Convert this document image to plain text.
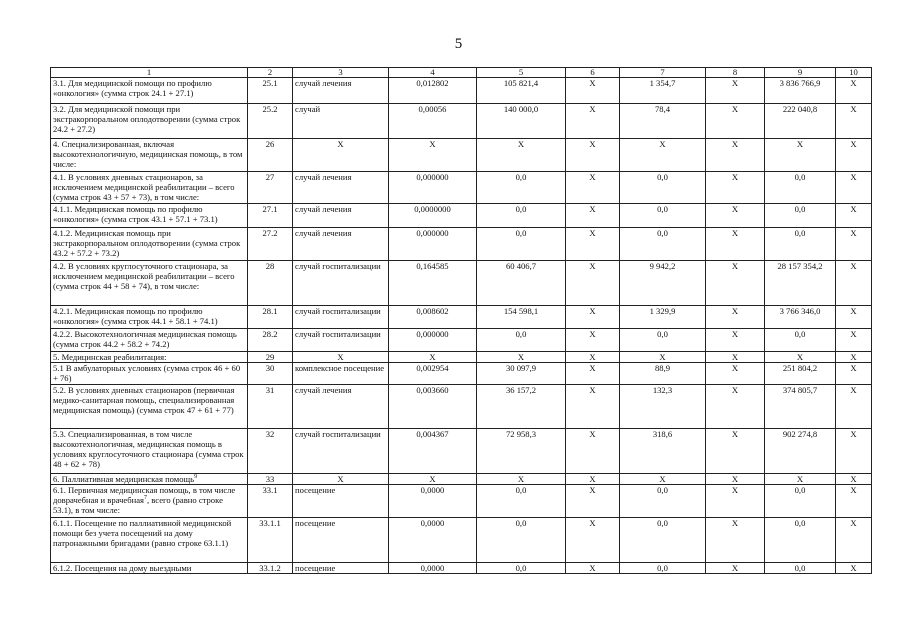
5
1	2	3	4	5	6	7	8	9	10
3.1. Для медицинской помощи по профилю «онкология» (сумма строк 24.1 + 27.1)	25.1	случай лечения	0,012802	105 821,4	X	1 354,7	X	3 836 766,9	X
3.2. Для медицинской помощи при экстракорпоральном оплодотворении (сумма строк 24.2 + 27.2)	25.2	случай	0,00056	140 000,0	X	78,4	X	222 040,8	X
4. Специализированная, включая высокотехнологичную, медицинская помощь, в том числе:	26	X	X	X	X	X	X	X	X
4.1. В условиях дневных стационаров, за исключением медицинской реабилитации – всего (сумма строк 43 + 57 + 73), в том числе:	27	случай лечения	0,000000	0,0	X	0,0	X	0,0	X
4.1.1. Медицинская помощь по профилю «онкология» (сумма строк 43.1 + 57.1 + 73.1)	27.1	случай лечения	0,0000000	0,0	X	0,0	X	0,0	X
4.1.2. Медицинская помощь при экстракорпоральном оплодотворении (сумма строк 43.2 + 57.2 + 73.2)	27.2	случай лечения	0,000000	0,0	X	0,0	X	0,0	X
4.2. В условиях круглосуточного стационара, за исключением медицинской реабилитации – всего (сумма строк 44 + 58 + 74), в том числе:	28	случай госпитализации	0,164585	60 406,7	X	9 942,2	X	28 157 354,2	X
4.2.1. Медицинская помощь по профилю «онкология» (сумма строк 44.1 + 58.1 + 74.1)	28.1	случай госпитализации	0,008602	154 598,1	X	1 329,9	X	3 766 346,0	X
4.2.2. Высокотехнологичная медицинская помощь (сумма строк 44.2 + 58.2 + 74.2)	28.2	случай госпитализации	0,000000	0,0	X	0,0	X	0,0	X
5. Медицинская реабилитация:	29	X	X	X	X	X	X	X	X
5.1 В амбулаторных условиях (сумма строк 46 + 60 + 76)	30	комплексное посещение	0,002954	30 097,9	X	88,9	X	251 804,2	X
5.2. В условиях дневных стационаров (первичная медико-санитарная помощь, специализированная медицинская помощь) (сумма строк 47 + 61 + 77)	31	случай лечения	0,003660	36 157,2	X	132,3	X	374 805,7	X
5.3. Специализированная, в том числе высокотехнологичная, медицинская помощь в условиях круглосуточного стационара (сумма строк 48 + 62 + 78)	32	случай госпитализации	0,004367	72 958,3	X	318,6	X	902 274,8	X
6. Паллиативная медицинская помощь$^9$	33	X	X	X	X	X	X	X	X
6.1. Первичная медицинская помощь, в том числе доврачебная и врачебная$^7$, всего (равно строке 53.1), в том числе:	33.1	посещение	0,0000	0,0	X	0,0	X	0,0	X
6.1.1. Посещение по паллиативной медицинской помощи без учета посещений на дому патронажными бригадами (равно строке 63.1.1)	33.1.1	посещение	0,0000	0,0	X	0,0	X	0,0	X
6.1.2. Посещения на дому выездными	33.1.2	посещение	0,0000	0,0	X	0,0	X	0,0	X
